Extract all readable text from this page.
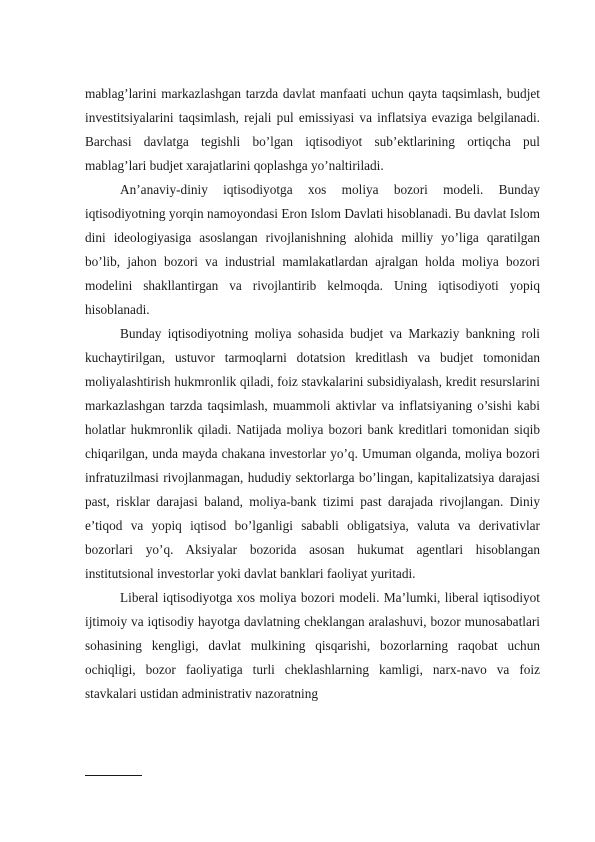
mablag’larini markazlashgan tarzda davlat manfaati uchun qayta taqsimlash, budjet investitsiyalarini taqsimlash, rejali pul emissiyasi va inflatsiya evaziga belgilanadi. Barchasi davlatga tegishli bo’lgan iqtisodiyot sub’ektlarining ortiqcha pul mablag’lari budjet xarajatlarini qoplashga yo’naltiriladi.

An’anaviy-diniy iqtisodiyotga xos moliya bozori modeli. Bunday iqtisodiyotning yorqin namoyondasi Eron Islom Davlati hisoblanadi. Bu davlat Islom dini ideologiyasiga asoslangan rivojlanishning alohida milliy yo’liga qaratilgan bo’lib, jahon bozori va industrial mamlakatlardan ajralgan holda moliya bozori modelini shakllantirgan va rivojlantirib kelmoqda. Uning iqtisodiyoti yopiq hisoblanadi.

Bunday iqtisodiyotning moliya sohasida budjet va Markaziy bankning roli kuchaytirilgan, ustuvor tarmoqlarni dotatsion kreditlash va budjet tomonidan moliyalashtirish hukmronlik qiladi, foiz stavkalarini subsidiyalash, kredit resurslarini markazlashgan tarzda taqsimlash, muammoli aktivlar va inflatsiyaning o’sishi kabi holatlar hukmronlik qiladi. Natijada moliya bozori bank kreditlari tomonidan siqib chiqarilgan, unda mayda chakana investorlar yo’q. Umuman olganda, moliya bozori infratuzilmasi rivojlanmagan, hududiy sektorlarga bo’lingan, kapitalizatsiya darajasi past, risklar darajasi baland, moliya-bank tizimi past darajada rivojlangan. Diniy e’tiqod va yopiq iqtisod bo’lganligi sababli obligatsiya, valuta va derivativlar bozorlari yo’q. Aksiyalar bozorida asosan hukumat agentlari hisoblangan institutsional investorlar yoki davlat banklari faoliyat yuritadi.

Liberal iqtisodiyotga xos moliya bozori modeli. Ma’lumki, liberal iqtisodiyot ijtimoiy va iqtisodiy hayotga davlatning cheklangan aralashuvi, bozor munosabatlari sohasining kengligi, davlat mulkining qisqarishi, bozorlarning raqobat uchun ochiqligi, bozor faoliyatiga turli cheklashlarning kamligi, narx-navo va foiz stavkalari ustidan administrativ nazoratning
